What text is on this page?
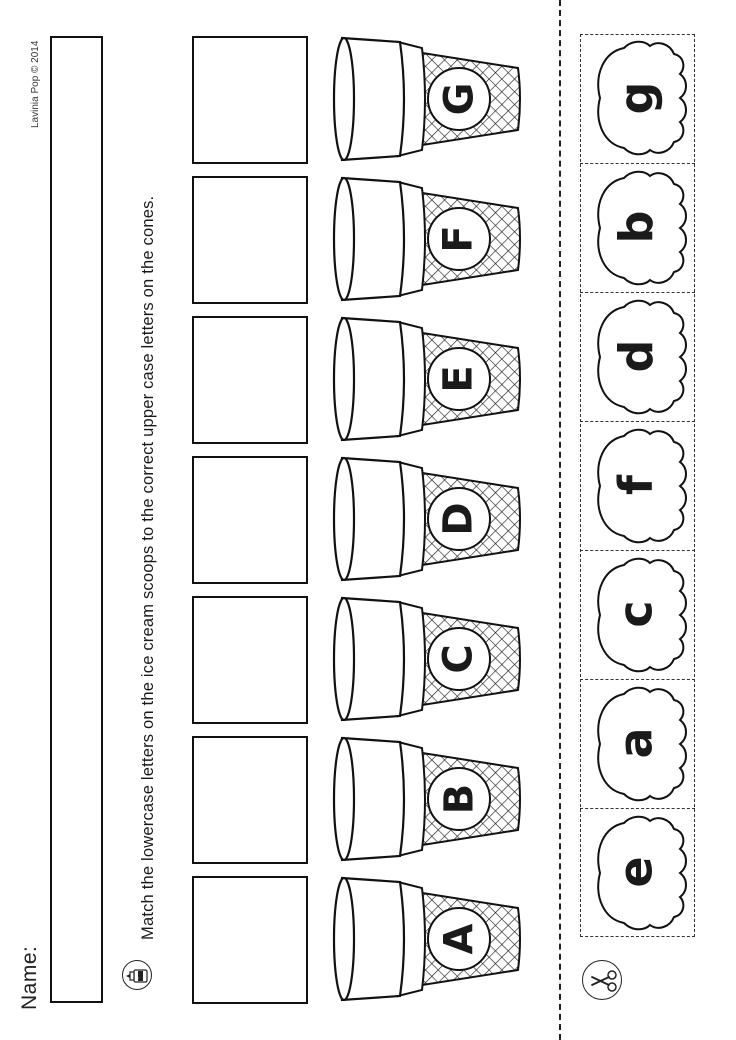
Name:
Lavinia Pop © 2014
glue
Match the lowercase letters on the ice cream scoops to the correct upper case letters on the cones.
G
F
E
D
C
B
A
g
b
d
f
c
a
e
